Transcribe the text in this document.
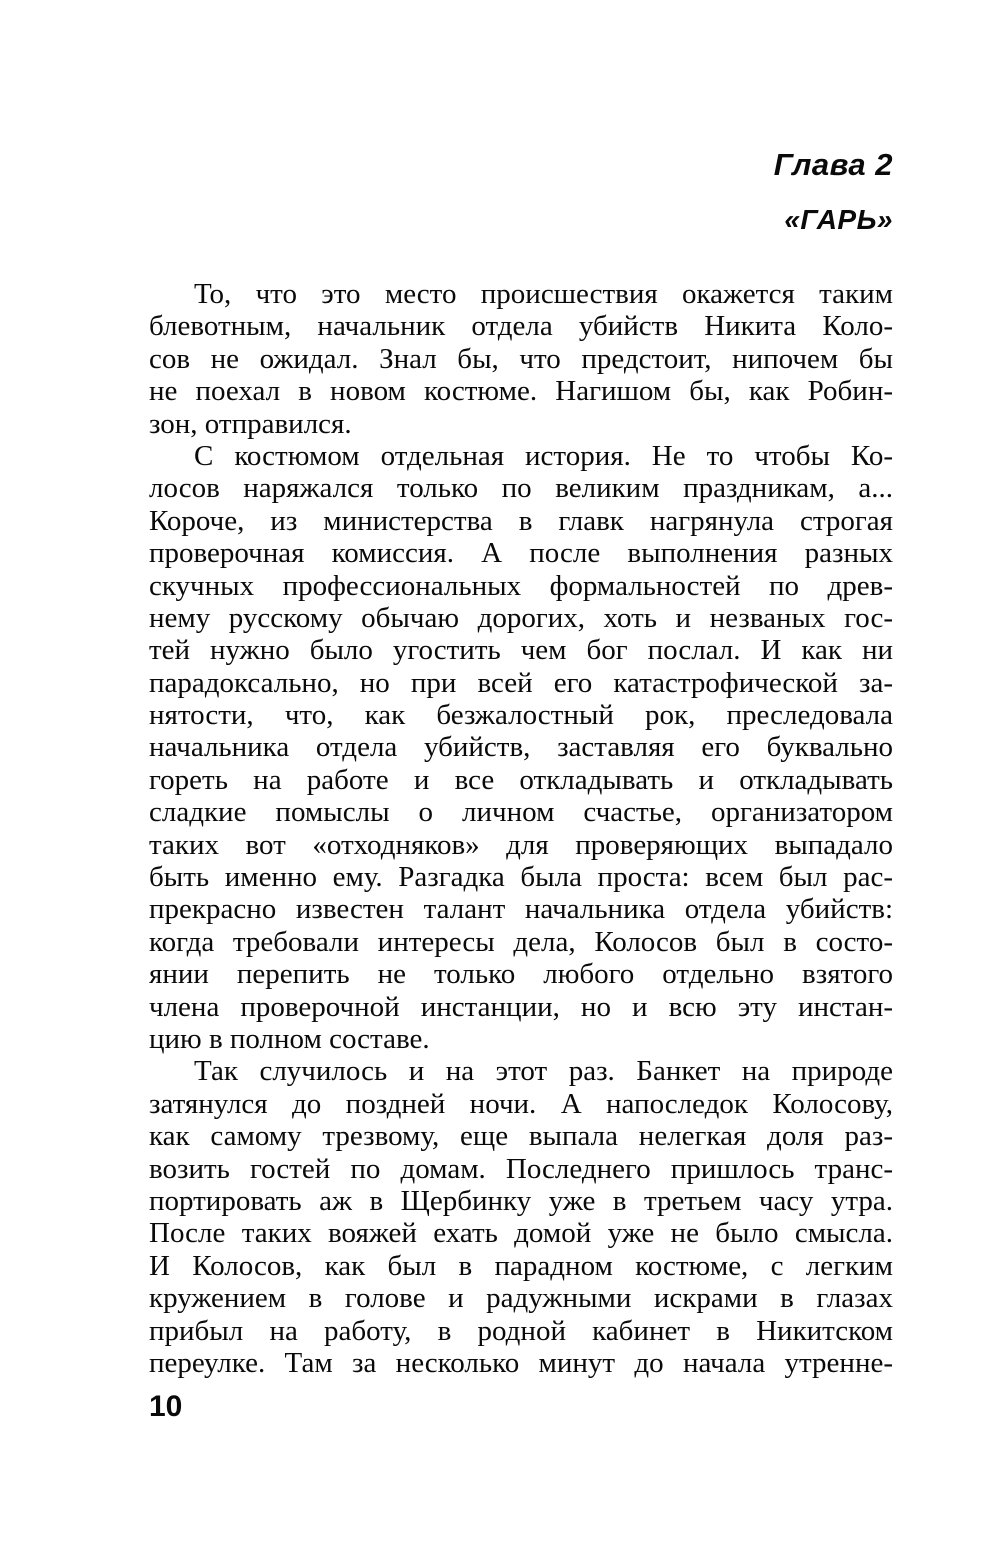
Глава 2
«ГАРЬ»
То, что это место происшествия окажется таким
блевотным, начальник отдела убийств Никита Коло-
сов не ожидал. Знал бы, что предстоит, нипочем бы
не поехал в новом костюме. Нагишом бы, как Робин-
зон, отправился.
С костюмом отдельная история. Не то чтобы Ко-
лосов наряжался только по великим праздникам, а...
Короче, из министерства в главк нагрянула строгая
проверочная комиссия. А после выполнения разных
скучных профессиональных формальностей по древ-
нему русскому обычаю дорогих, хоть и незваных гос-
тей нужно было угостить чем бог послал. И как ни
парадоксально, но при всей его катастрофической за-
нятости, что, как безжалостный рок, преследовала
начальника отдела убийств, заставляя его буквально
гореть на работе и все откладывать и откладывать
сладкие помыслы о личном счастье, организатором
таких вот «отходняков» для проверяющих выпадало
быть именно ему. Разгадка была проста: всем был рас-
прекрасно известен талант начальника отдела убийств:
когда требовали интересы дела, Колосов был в состо-
янии перепить не только любого отдельно взятого
члена проверочной инстанции, но и всю эту инстан-
цию в полном составе.
Так случилось и на этот раз. Банкет на природе
затянулся до поздней ночи. А напоследок Колосову,
как самому трезвому, еще выпала нелегкая доля раз-
возить гостей по домам. Последнего пришлось транс-
портировать аж в Щербинку уже в третьем часу утра.
После таких вояжей ехать домой уже не было смысла.
И Колосов, как был в парадном костюме, с легким
кружением в голове и радужными искрами в глазах
прибыл на работу, в родной кабинет в Никитском
переулке. Там за несколько минут до начала утренне-
10
